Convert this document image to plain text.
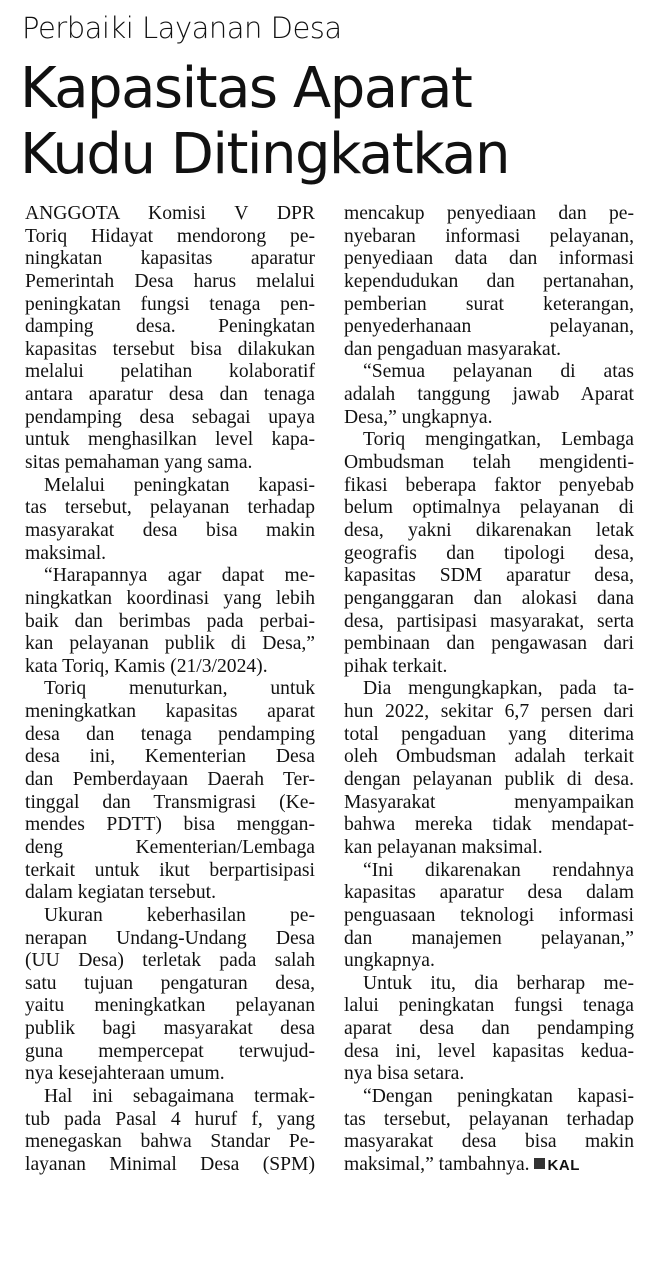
Perbaiki Layanan Desa
Kapasitas Aparat
Kudu Ditingkatkan
ANGGOTA Komisi V DPR
Toriq Hidayat mendorong pe-
ningkatan kapasitas aparatur
Pemerintah Desa harus melalui
peningkatan fungsi tenaga pen-
damping desa. Peningkatan
kapasitas tersebut bisa dilakukan
melalui pelatihan kolaboratif
antara aparatur desa dan tenaga
pendamping desa sebagai upaya
untuk menghasilkan level kapa-
sitas pemahaman yang sama.
Melalui peningkatan kapasi-
tas tersebut, pelayanan terhadap
masyarakat desa bisa makin
maksimal.
“Harapannya agar dapat me-
ningkatkan koordinasi yang lebih
baik dan berimbas pada perbai-
kan pelayanan publik di Desa,”
kata Toriq, Kamis (21/3/2024).
Toriq menuturkan, untuk
meningkatkan kapasitas aparat
desa dan tenaga pendamping
desa ini, Kementerian Desa
dan Pemberdayaan Daerah Ter-
tinggal dan Transmigrasi (Ke-
mendes PDTT) bisa menggan-
deng Kementerian/Lembaga
terkait untuk ikut berpartisipasi
dalam kegiatan tersebut.
Ukuran keberhasilan pe-
nerapan Undang-Undang Desa
(UU Desa) terletak pada salah
satu tujuan pengaturan desa,
yaitu meningkatkan pelayanan
publik bagi masyarakat desa
guna mempercepat terwujud-
nya kesejahteraan umum.
Hal ini sebagaimana termak-
tub pada Pasal 4 huruf f, yang
menegaskan bahwa Standar Pe-
layanan Minimal Desa (SPM)
mencakup penyediaan dan pe-
nyebaran informasi pelayanan,
penyediaan data dan informasi
kependudukan dan pertanahan,
pemberian surat keterangan,
penyederhanaan pelayanan,
dan pengaduan masyarakat.
“Semua pelayanan di atas
adalah tanggung jawab Aparat
Desa,” ungkapnya.
Toriq mengingatkan, Lembaga
Ombudsman telah mengidenti-
fikasi beberapa faktor penyebab
belum optimalnya pelayanan di
desa, yakni dikarenakan letak
geografis dan tipologi desa,
kapasitas SDM aparatur desa,
penganggaran dan alokasi dana
desa, partisipasi masyarakat, serta
pembinaan dan pengawasan dari
pihak terkait.
Dia mengungkapkan, pada ta-
hun 2022, sekitar 6,7 persen dari
total pengaduan yang diterima
oleh Ombudsman adalah terkait
dengan pelayanan publik di desa.
Masyarakat menyampaikan
bahwa mereka tidak mendapat-
kan pelayanan maksimal.
“Ini dikarenakan rendahnya
kapasitas aparatur desa dalam
penguasaan teknologi informasi
dan manajemen pelayanan,”
ungkapnya.
Untuk itu, dia berharap me-
lalui peningkatan fungsi tenaga
aparat desa dan pendamping
desa ini, level kapasitas kedua-
nya bisa setara.
“Dengan peningkatan kapasi-
tas tersebut, pelayanan terhadap
masyarakat desa bisa makin
maksimal,” tambahnya. KAL
